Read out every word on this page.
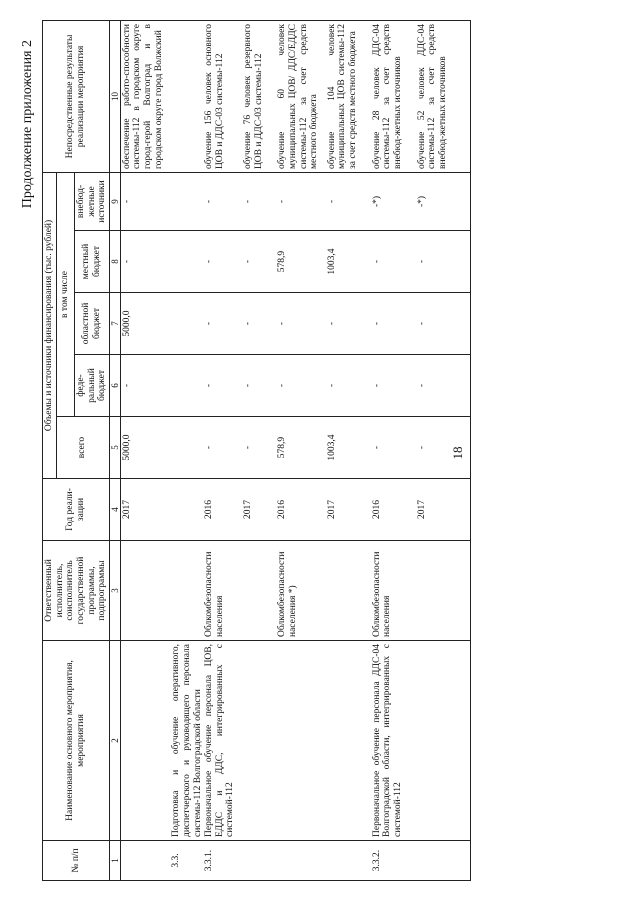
18
Продолжение приложения 2
№ п/п	Наименование основного мероприятия, мероприятия	Ответственный исполнитель, соисполнитель государственной программы, подпрограммы	Год реали-зации	Объемы и источники финансирования (тыс. рублей)					Непосредственные результаты реализации мероприятия
				всего	в том числе				
					феде-ральный бюджет	областной бюджет	местный бюджет	внебюд-жетные источники	
1	2	3	4	5	6	7	8	9	10
			2017	5000,0	-	5000,0	-	-	обеспечение работо-способности системы-112 в городском округе город-герой Волгоград и в городском округе город Волжский
3.3.	Подготовка и обучение оперативного, диспетчерского и руководящего персонала системы-112 Волгоградской области								
3.3.1.	Первоначальное обучение персонала ЦОВ, ЕДДС и ДДС, интегрированных с системой-112	Облкомбезопасности населения	2016	-	-	-	-	-	обучение 156 человек основного ЦОВ и ДДС-03 системы-112
			2017	-	-	-	-	-	обучение 76 человек резервного ЦОВ и ДДС-03 системы-112
		Облкомбезопасности населения *)	2016	578,9	-	-	578,9	-	обучение 60 человек муниципальных ЦОВ/ ДДС/ЕДДС системы-112 за счет средств местного бюджета
			2017	1003,4	-	-	1003,4	-	обучение 104 человек муниципальных ЦОВ системы-112 за счет средств местного бюджета
3.3.2.	Первоначальное обучение персонала ДДС-04 Волгоградской области, интегрированных с системой-112	Облкомбезопасности населения	2016	-	-	-	-	-*)	обучение 28 человек ДДС-04 системы-112 за счет средств внебюд-жетных источников
			2017	-	-	-	-	-*)	обучение 52 человек ДДС-04 системы-112 за счет средств внебюд-жетных источников
